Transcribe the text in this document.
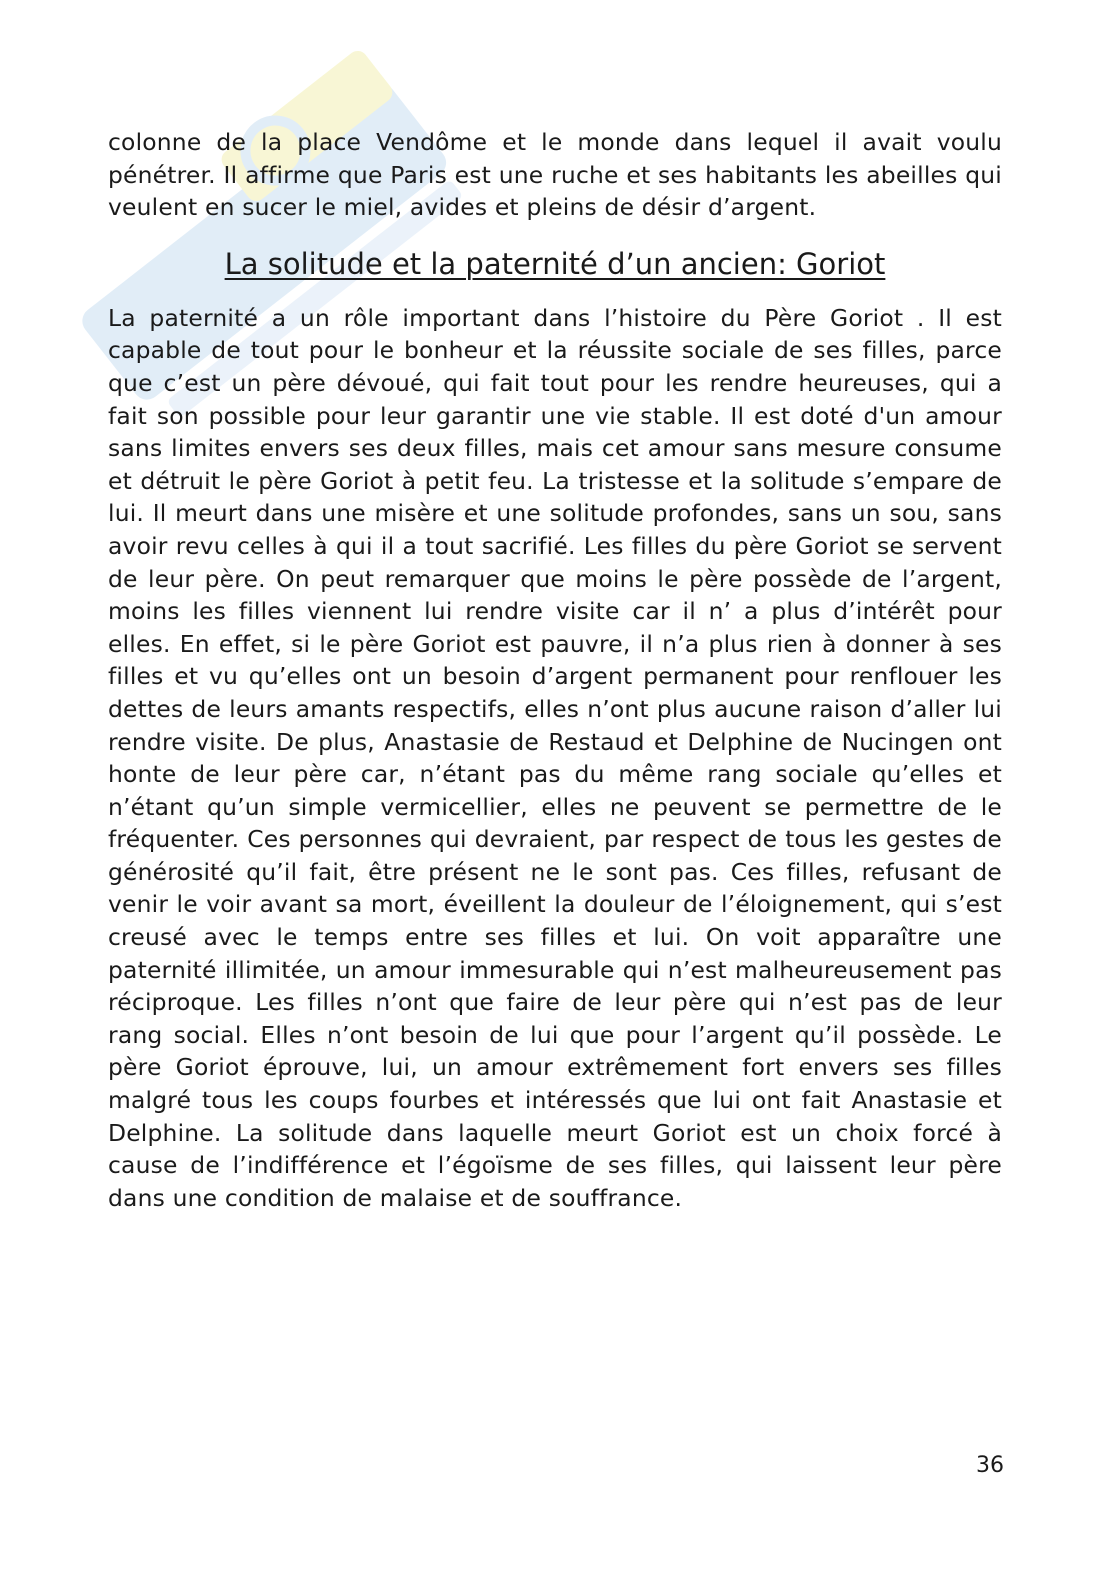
colonne de la place Vendôme et le monde dans lequel il avait voulu pénétrer. Il affirme que Paris est une ruche et ses habitants les abeilles qui veulent en sucer le miel, avides et pleins de désir d’argent.

La solitude et la paternité d’un ancien: Goriot

La paternité a un rôle important dans l’histoire du Père Goriot . Il est capable de tout pour le bonheur et la réussite sociale de ses filles, parce que c’est un père dévoué, qui fait tout pour les rendre heureuses, qui a fait son possible pour leur garantir une vie stable. Il est doté d'un amour sans limites envers ses deux filles, mais cet amour sans mesure consume et détruit le père Goriot à petit feu. La tristesse et la solitude s’empare de lui. Il meurt dans une misère et une solitude profondes, sans un sou, sans avoir revu celles à qui il a tout sacrifié. Les filles du père Goriot se servent de leur père. On peut remarquer que moins le père possède de l’argent, moins les filles viennent lui rendre visite car il n’ a plus d’intérêt pour elles. En effet, si le père Goriot est pauvre, il n’a plus rien à donner à ses filles et vu qu’elles ont un besoin d’argent permanent pour renflouer les dettes de leurs amants respectifs, elles n’ont plus aucune raison d’aller lui rendre visite. De plus, Anastasie de Restaud et Delphine de Nucingen ont honte de leur père car, n’étant pas du même rang sociale qu’elles et n’étant qu’un simple vermicellier, elles ne peuvent se permettre de le fréquenter. Ces personnes qui devraient, par respect de tous les gestes de générosité qu’il fait, être présent ne le sont pas. Ces filles, refusant de venir le voir avant sa mort, éveillent la douleur de l’éloignement, qui s’est creusé avec le temps entre ses filles et lui. On voit apparaître une paternité illimitée, un amour immesurable qui n’est malheureusement pas réciproque. Les filles n’ont que faire de leur père qui n’est pas de leur rang social. Elles n’ont besoin de lui que pour l’argent qu’il possède. Le père Goriot éprouve, lui, un amour extrêmement fort envers ses filles malgré tous les coups fourbes et intéressés que lui ont fait Anastasie et Delphine. La solitude dans laquelle meurt Goriot est un choix forcé à cause de l’indifférence et l’égoïsme de ses filles, qui laissent leur père dans une condition de malaise et de souffrance.

36
